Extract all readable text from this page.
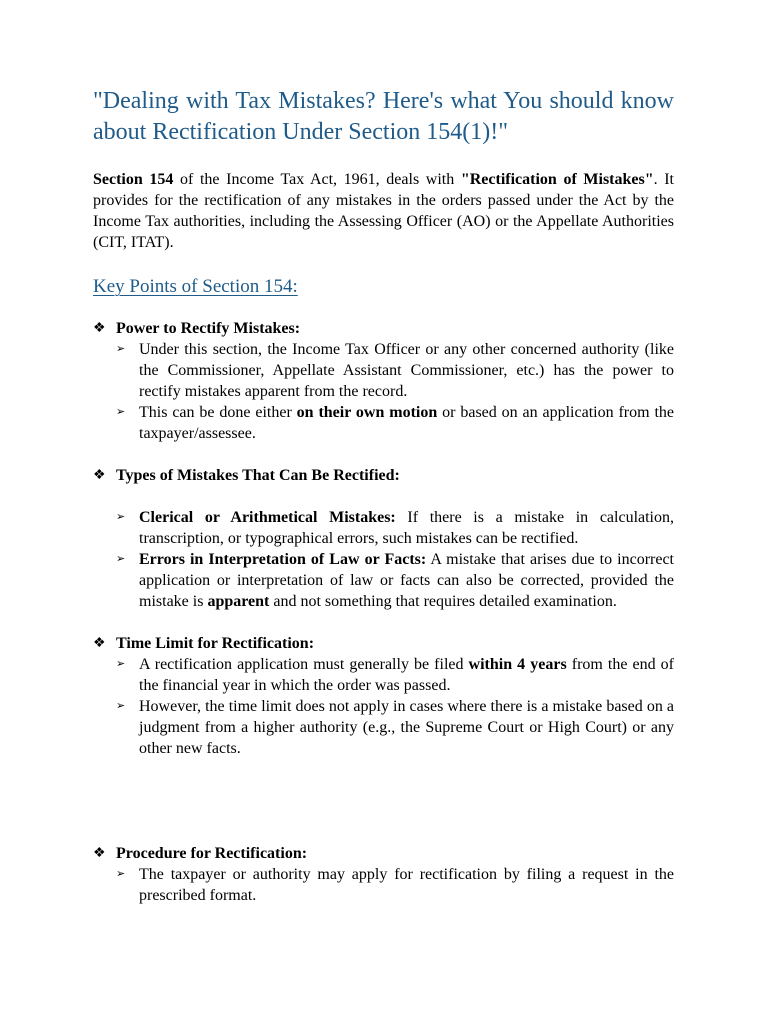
"Dealing with Tax Mistakes? Here's what You should know about Rectification Under Section 154(1)!"

Section 154 of the Income Tax Act, 1961, deals with "Rectification of Mistakes". It provides for the rectification of any mistakes in the orders passed under the Act by the Income Tax authorities, including the Assessing Officer (AO) or the Appellate Authorities (CIT, ITAT).

Key Points of Section 154:
❖ Power to Rectify Mistakes:
➢ Under this section, the Income Tax Officer or any other concerned authority (like the Commissioner, Appellate Assistant Commissioner, etc.) has the power to rectify mistakes apparent from the record.
➢ This can be done either on their own motion or based on an application from the taxpayer/assessee.
❖ Types of Mistakes That Can Be Rectified:
➢ Clerical or Arithmetical Mistakes: If there is a mistake in calculation, transcription, or typographical errors, such mistakes can be rectified.
➢ Errors in Interpretation of Law or Facts: A mistake that arises due to incorrect application or interpretation of law or facts can also be corrected, provided the mistake is apparent and not something that requires detailed examination.
❖ Time Limit for Rectification:
➢ A rectification application must generally be filed within 4 years from the end of the financial year in which the order was passed.
➢ However, the time limit does not apply in cases where there is a mistake based on a judgment from a higher authority (e.g., the Supreme Court or High Court) or any other new facts.
❖ Procedure for Rectification:
➢ The taxpayer or authority may apply for rectification by filing a request in the prescribed format.
